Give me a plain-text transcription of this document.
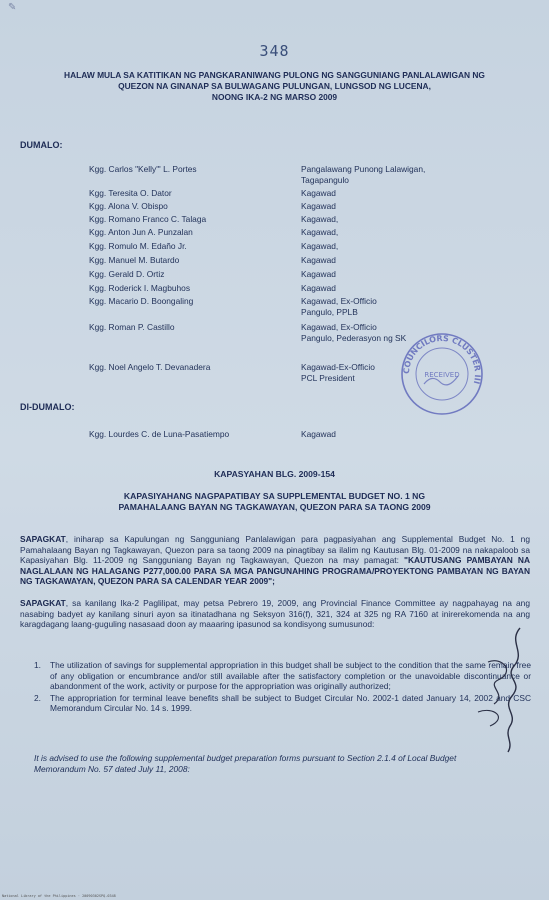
348
HALAW MULA SA KATITIKAN NG PANGKARANIWANG PULONG NG SANGGUNIANG PANLALAWIGAN NG
QUEZON NA GINANAP SA BULWAGANG PULUNGAN, LUNGSOD NG LUCENA,
NOONG IKA-2 NG MARSO 2009
DUMALO:
Kgg. Carlos "Kelly"' L. Portes	Pangalawang Punong Lalawigan,
Tagapangulo
Kgg. Teresita O. Dator	Kagawad
Kgg. Alona V. Obispo	Kagawad
Kgg. Romano Franco C. Talaga	Kagawad,
Kgg. Anton Jun A. Punzalan	Kagawad,
Kgg. Romulo M. Edaño Jr.	Kagawad,
Kgg. Manuel M. Butardo	Kagawad
Kgg. Gerald D. Ortiz	Kagawad
Kgg. Roderick I. Magbuhos	Kagawad
Kgg. Macario D. Boongaling	Kagawad, Ex-Officio
Pangulo, PPLB
Kgg. Roman P. Castillo	Kagawad, Ex-Officio
Pangulo, Pederasyon ng SK
Kgg. Noel Angelo T. Devanadera	Kagawad-Ex-Officio
PCL President
DI-DUMALO:
Kgg. Lourdes C. de Luna-Pasatiempo	Kagawad
KAPASYAHAN BLG. 2009-154
KAPASIYAHANG NAGPAPATIBAY SA SUPPLEMENTAL BUDGET NO. 1 NG
PAMAHALAANG BAYAN NG TAGKAWAYAN, QUEZON PARA SA TAONG 2009
SAPAGKAT, iniharap sa Kapulungan ng Sangguniang Panlalawigan para pagpasiyahan ang Supplemental Budget No. 1 ng Pamahalaang Bayan ng Tagkawayan, Quezon para sa taong 2009 na pinagtibay sa ilalim ng Kautusan Blg. 01-2009 na nakapaloob sa Kapasiyahan Blg. 11-2009 ng Sangguniang Bayan ng Tagkawayan, Quezon na may pamagat: "KAUTUSANG PAMBAYAN NA NAGLALAAN NG HALAGANG P277,000.00 PARA SA MGA PANGUNAHING PROGRAMA/PROYEKTONG PAMBAYAN NG BAYAN NG TAGKAWAYAN, QUEZON PARA SA CALENDAR YEAR 2009";
SAPAGKAT, sa kanilang Ika-2 Paglilipat, may petsa Pebrero 19, 2009, ang Provincial Finance Committee ay nagpahayag na ang nasabing badyet ay kanilang sinuri ayon sa itinatadhana ng Seksyon 316(f), 321, 324 at 325 ng RA 7160 at inirerekomenda na ang karagdagang laang-guguling nasasaad doon ay maaaring ipasunod sa kondisyong sumusunod:
1.	The utilization of savings for supplemental appropriation in this budget shall be subject to the condition that the same remain free of any obligation or encumbrance and/or still available after the satisfactory completion or the unavoidable discontinuance or abandonment of the work, activity or purpose for the appropriation was originally authorized;
2.	The appropriation for terminal leave benefits shall be subject to Budget Circular No. 2002-1 dated January 14, 2002 and CSC Memorandum Circular No. 14 s. 1999.
It is advised to use the following supplemental budget preparation forms pursuant to Section 2.1.4 of Local Budget Memorandum No. 57 dated July 11, 2008:
COUNCILORS CLUSTER III
RECEIVED
✎
National Library of the Philippines · 20090302SPQ-0348
